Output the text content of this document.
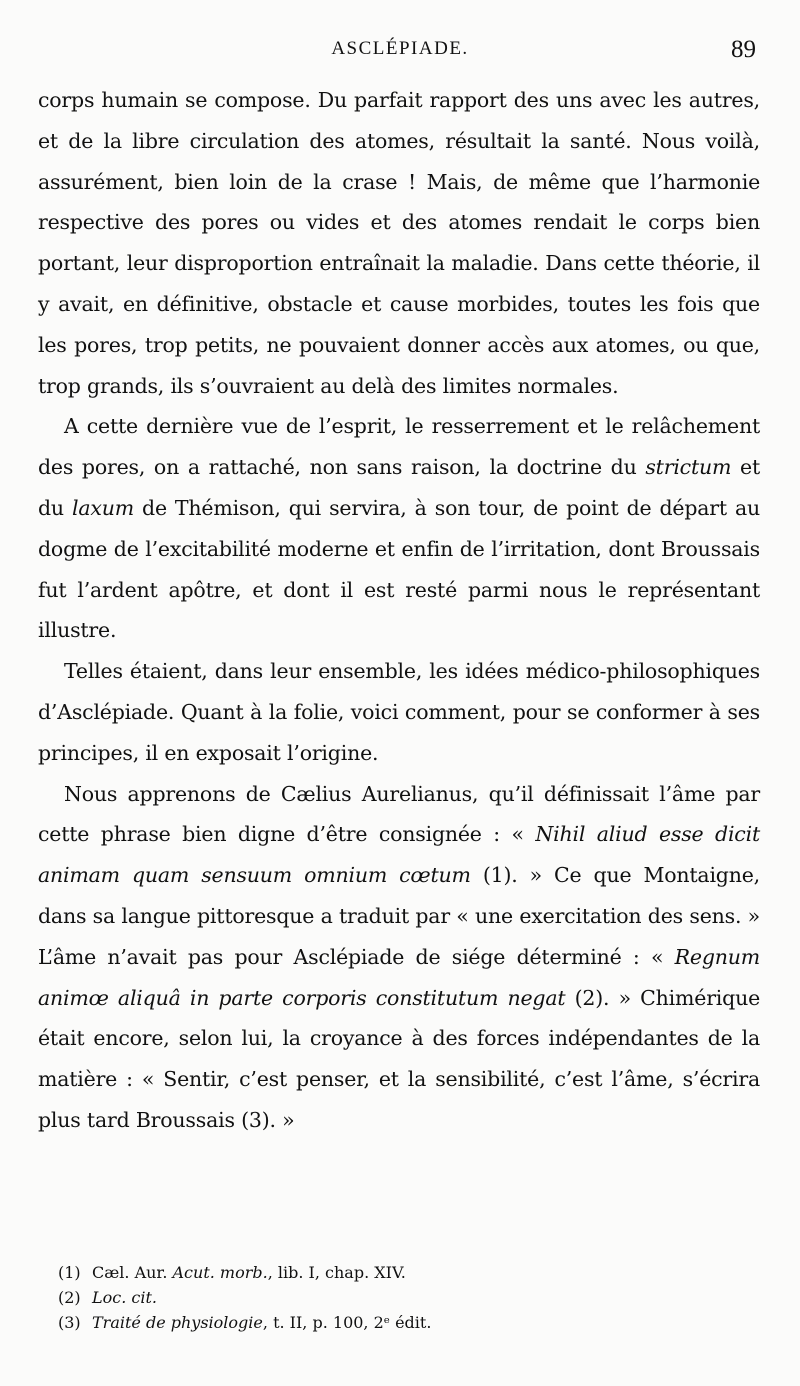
ASCLÉPIADE.	89

corps humain se compose. Du parfait rapport des uns avec les autres, et de la libre circulation des atomes, résultait la santé. Nous voilà, assurément, bien loin de la crase ! Mais, de même que l’harmonie respective des pores ou vides et des atomes rendait le corps bien portant, leur disproportion entraînait la maladie. Dans cette théorie, il y avait, en définitive, obstacle et cause morbides, toutes les fois que les pores, trop petits, ne pouvaient donner accès aux atomes, ou que, trop grands, ils s’ouvraient au delà des limites normales.

A cette dernière vue de l’esprit, le resserrement et le relâchement des pores, on a rattaché, non sans raison, la doctrine du strictum et du laxum de Thémison, qui servira, à son tour, de point de départ au dogme de l’excitabilité moderne et enfin de l’irritation, dont Broussais fut l’ardent apôtre, et dont il est resté parmi nous le représentant illustre.

Telles étaient, dans leur ensemble, les idées médico-philosophiques d’Asclépiade. Quant à la folie, voici comment, pour se conformer à ses principes, il en exposait l’origine.

Nous apprenons de Cælius Aurelianus, qu’il définissait l’âme par cette phrase bien digne d’être consignée : « Nihil aliud esse dicit animam quam sensuum omnium cœtum (1). » Ce que Montaigne, dans sa langue pittoresque a traduit par « une exercitation des sens. » L’âme n’avait pas pour Asclépiade de siége déterminé : « Regnum animœ aliquâ in parte corporis constitutum negat (2). » Chimérique était encore, selon lui, la croyance à des forces indépendantes de la matière : « Sentir, c’est penser, et la sensibilité, c’est l’âme, s’écrira plus tard Broussais (3). »

(1) Cæl. Aur. Acut. morb., lib. I, chap. XIV.
(2) Loc. cit.
(3) Traité de physiologie, t. II, p. 100, 2ᵉ édit.
